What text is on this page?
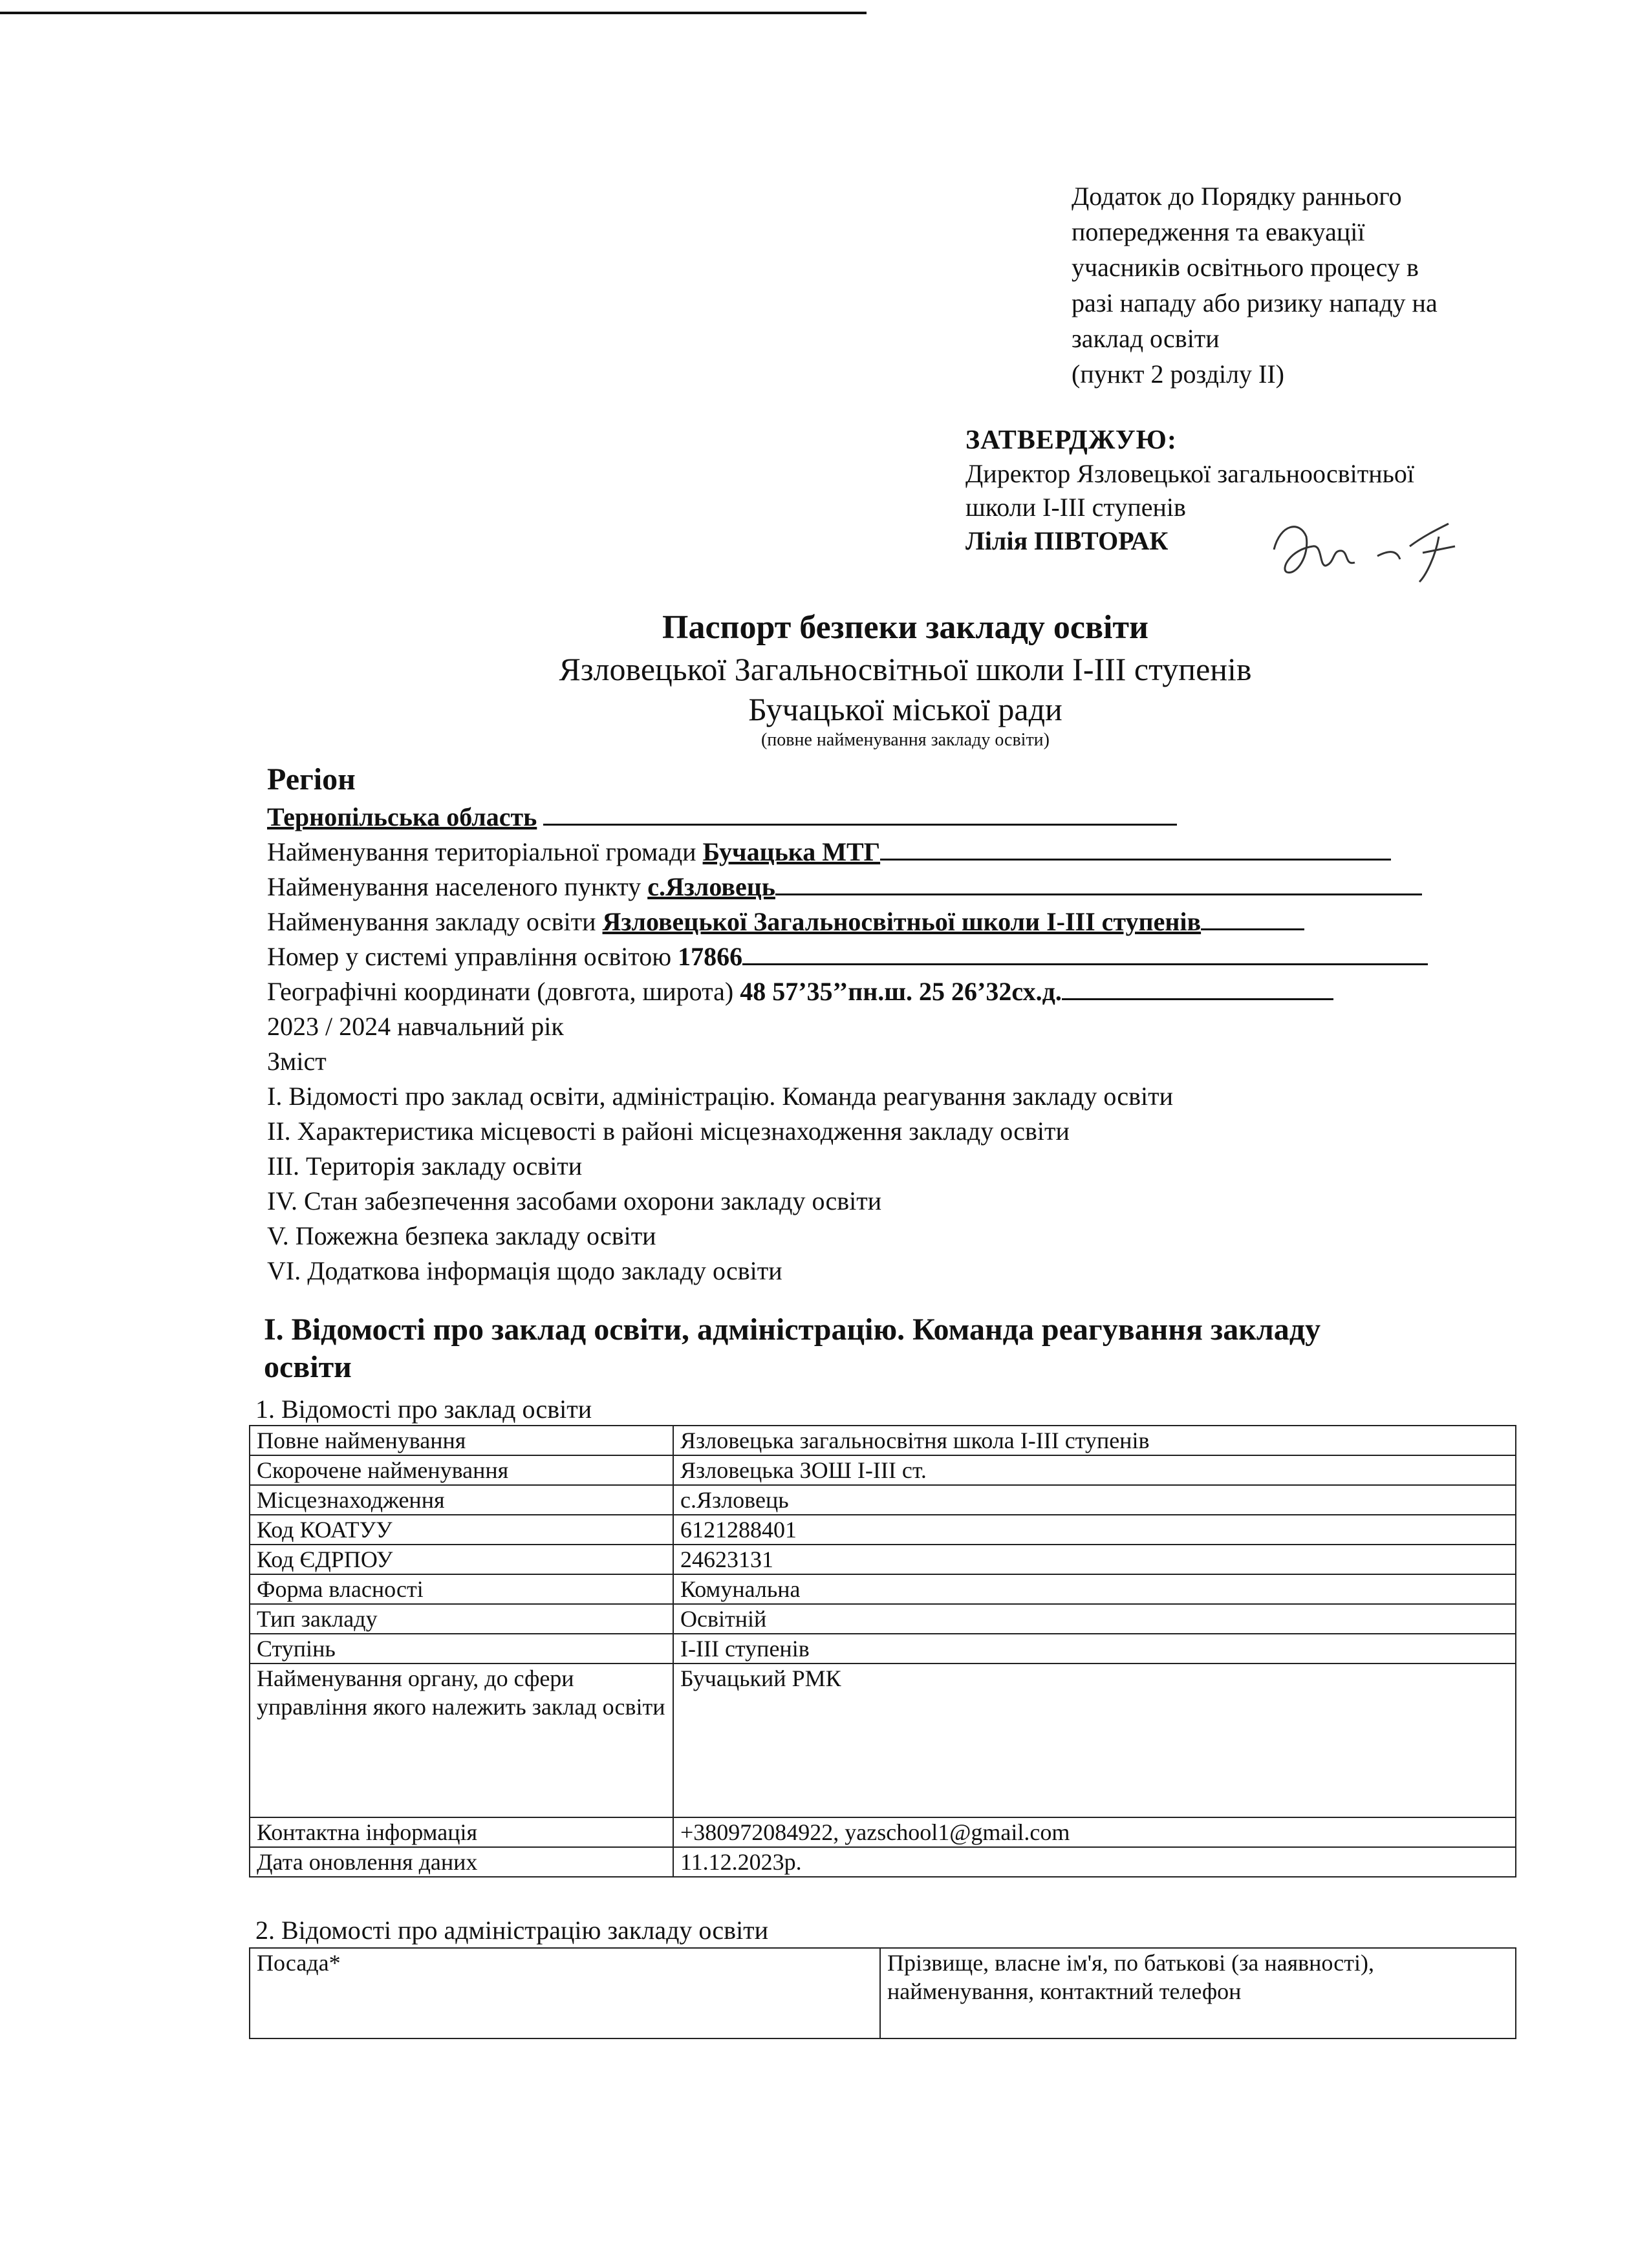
Додаток до Порядку раннього
попередження та евакуації
учасників освітнього процесу в
разі нападу або ризику нападу на
заклад освіти
(пункт 2 розділу II)
ЗАТВЕРДЖУЮ:
Директор Язловецької загальноосвітньої
школи І-ІІІ ступенів
Лілія ПІВТОРАК
Паспорт безпеки закладу освіти
Язловецької Загальносвітньої школи І-ІІІ ступенів
Бучацької міської ради
(повне найменування закладу освіти)
Регіон
Тернопільська область
Найменування територіальної громади Бучацька МТГ
Найменування населеного пункту с.Язловець
Найменування закладу освіти Язловецької Загальносвітньої школи І-ІІІ ступенів
Номер у системі управління освітою 17866
Географічні координати (довгота, широта) 48 57’35’’пн.ш. 25 26’32сх.д.
2023 / 2024 навчальний рік
Зміст
I. Відомості про заклад освіти, адміністрацію. Команда реагування закладу освіти
II. Характеристика місцевості в районі місцезнаходження закладу освіти
III. Територія закладу освіти
IV. Стан забезпечення засобами охорони закладу освіти
V. Пожежна безпека закладу освіти
VI. Додаткова інформація щодо закладу освіти
I. Відомості про заклад освіти, адміністрацію. Команда реагування закладу
освіти
1. Відомості про заклад освіти
Повне найменування	Язловецька загальносвітня школа І-ІІІ ступенів
Скорочене найменування	Язловецька ЗОШ І-ІІІ ст.
Місцезнаходження	с.Язловець
Код КОАТУУ	6121288401
Код ЄДРПОУ	24623131
Форма власності	Комунальна
Тип закладу	Освітній
Ступінь	І-ІІІ ступенів
Найменування органу, до сфери управління якого належить заклад освіти	Бучацький РМК
Контактна інформація	+380972084922, yazschool1@gmail.com
Дата оновлення даних	11.12.2023р.
2. Відомості про адміністрацію закладу освіти
Посада*	Прізвище, власне ім'я, по батькові (за наявності), найменування, контактний телефон
